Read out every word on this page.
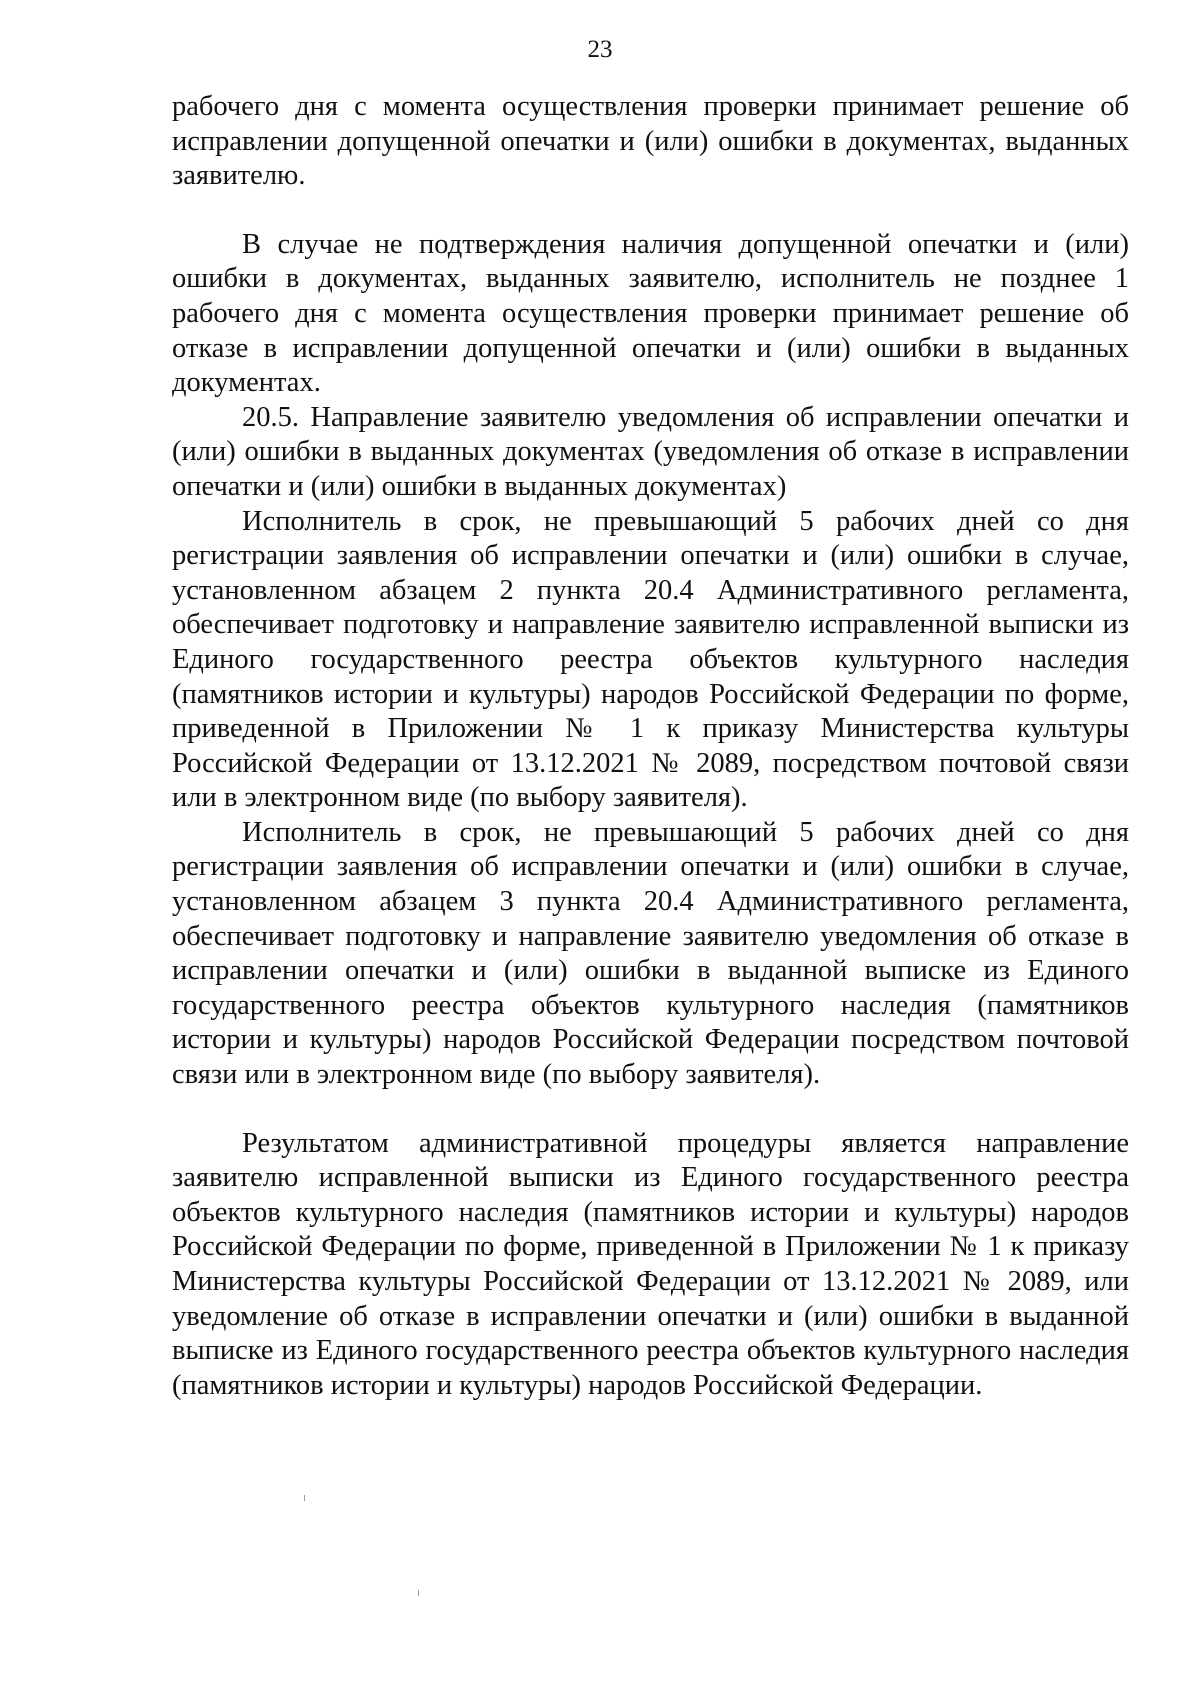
23

рабочего дня с момента осуществления проверки принимает решение об исправлении допущенной опечатки и (или) ошибки в документах, выданных заявителю.

В случае не подтверждения наличия допущенной опечатки и (или) ошибки в документах, выданных заявителю, исполнитель не позднее 1 рабочего дня с момента осуществления проверки принимает решение об отказе в исправлении допущенной опечатки и (или) ошибки в выданных документах.

20.5. Направление заявителю уведомления об исправлении опечатки и (или) ошибки в выданных документах (уведомления об отказе в исправлении опечатки и (или) ошибки в выданных документах)

Исполнитель в срок, не превышающий 5 рабочих дней со дня регистрации заявления об исправлении опечатки и (или) ошибки в случае, установленном абзацем 2 пункта 20.4 Административного регламента, обеспечивает подготовку и направление заявителю исправленной выписки из Единого государственного реестра объектов культурного наследия (памятников истории и культуры) народов Российской Федерации по форме, приведенной в Приложении № 1 к приказу Министерства культуры Российской Федерации от 13.12.2021 № 2089, посредством почтовой связи или в электронном виде (по выбору заявителя).

Исполнитель в срок, не превышающий 5 рабочих дней со дня регистрации заявления об исправлении опечатки и (или) ошибки в случае, установленном абзацем 3 пункта 20.4 Административного регламента, обеспечивает подготовку и направление заявителю уведомления об отказе в исправлении опечатки и (или) ошибки в выданной выписке из Единого государственного реестра объектов культурного наследия (памятников истории и культуры) народов Российской Федерации посредством почтовой связи или в электронном виде (по выбору заявителя).

Результатом административной процедуры является направление заявителю исправленной выписки из Единого государственного реестра объектов культурного наследия (памятников истории и культуры) народов Российской Федерации по форме, приведенной в Приложении № 1 к приказу Министерства культуры Российской Федерации от 13.12.2021 № 2089, или уведомление об отказе в исправлении опечатки и (или) ошибки в выданной выписке из Единого государственного реестра объектов культурного наследия (памятников истории и культуры) народов Российской Федерации.
